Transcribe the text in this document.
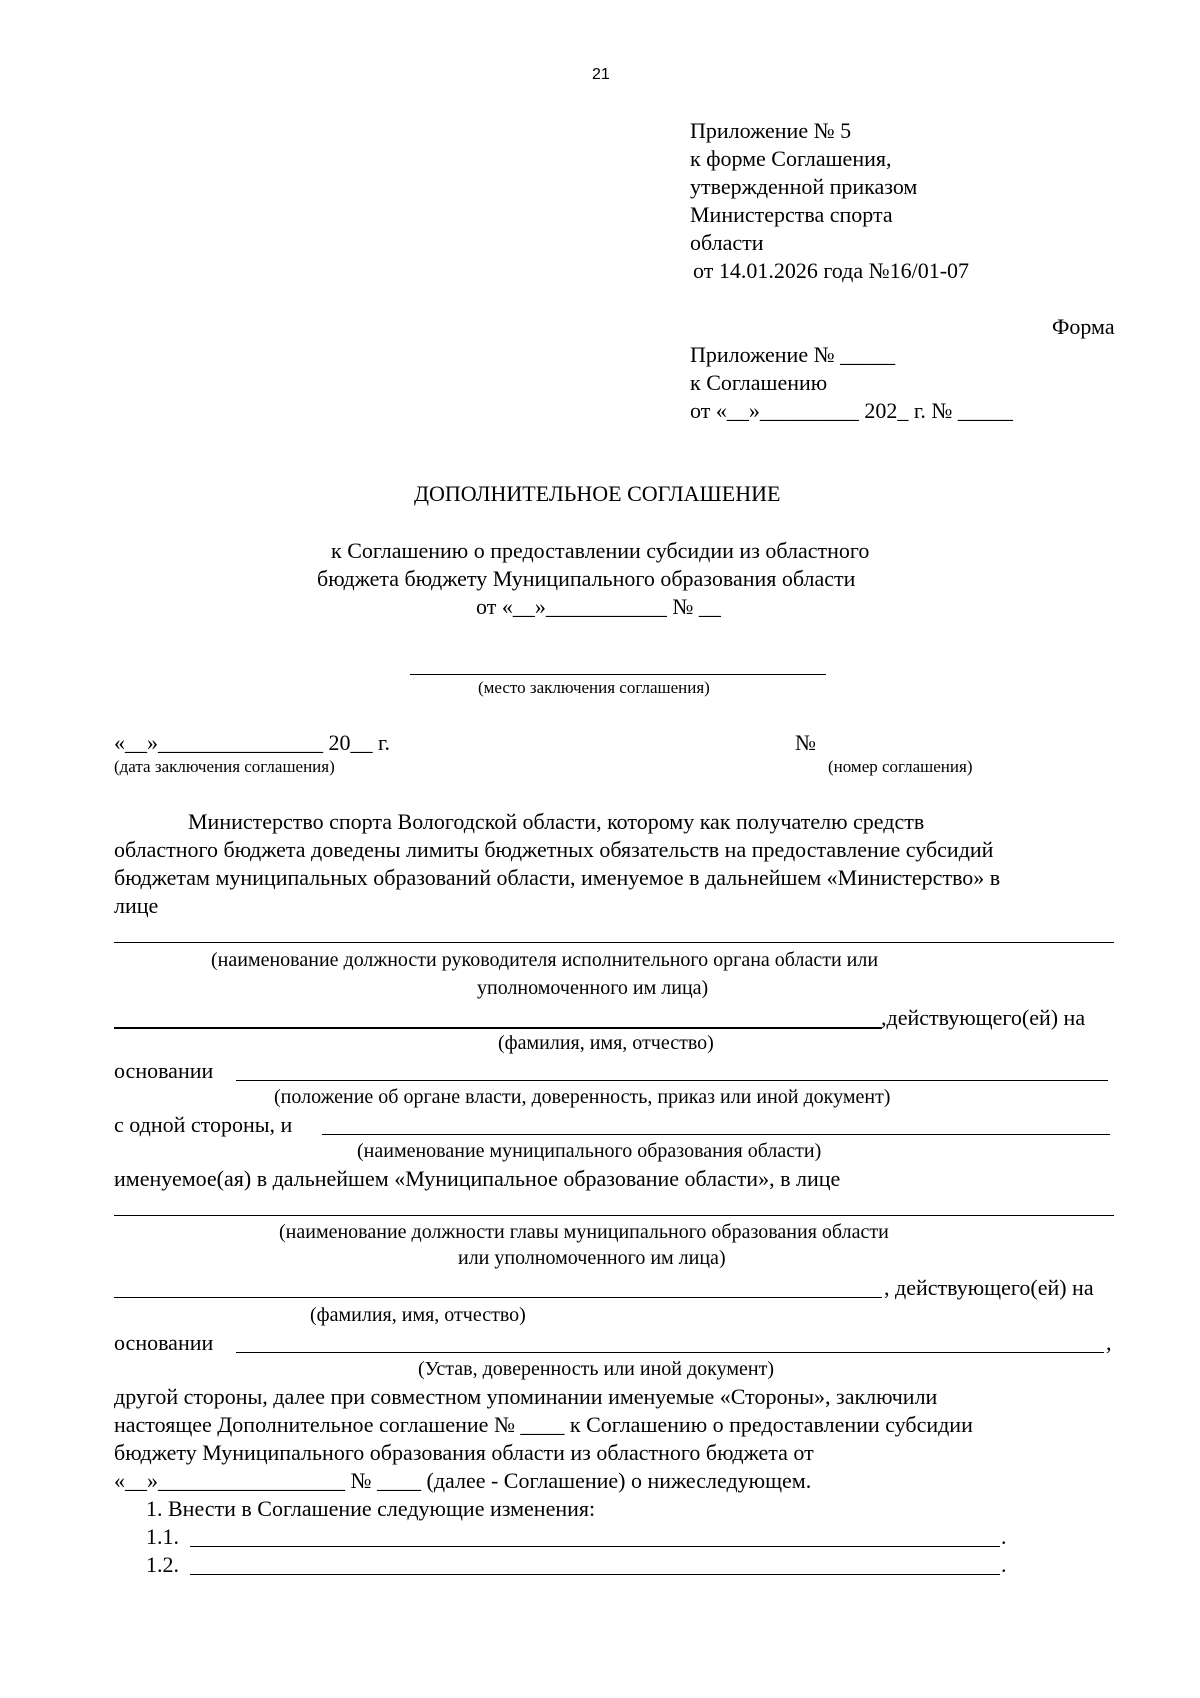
21
Приложение № 5
к форме Соглашения,
утвержденной приказом
Министерства спорта
области
от 14.01.2026 года №16/01-07
Форма
Приложение № _____
к Соглашению
от «__»_________ 202_ г. № _____
ДОПОЛНИТЕЛЬНОЕ СОГЛАШЕНИЕ
к Соглашению о предоставлении субсидии из областного
бюджета бюджету Муниципального образования области
от «__»___________ № __
(место заключения соглашения)
«__»_______________ 20__ г.	№
(дата заключения соглашения)	(номер соглашения)
Министерство спорта Вологодской области, которому как получателю средств
областного бюджета доведены лимиты бюджетных обязательств на предоставление субсидий
бюджетам муниципальных образований области, именуемое в дальнейшем «Министерство» в
лице
(наименование должности руководителя исполнительного органа области или
уполномоченного им лица)
,действующего(ей) на
(фамилия, имя, отчество)
основании
(положение об органе власти, доверенность, приказ или иной документ)
с одной стороны, и
(наименование муниципального образования области)
именуемое(ая) в дальнейшем «Муниципальное образование области», в лице
(наименование должности главы муниципального образования области
или уполномоченного им лица)
, действующего(ей) на
(фамилия, имя, отчество)
основании	,
(Устав, доверенность или иной документ)
другой стороны, далее при совместном упоминании именуемые «Стороны», заключили
настоящее Дополнительное соглашение № ____ к Соглашению о предоставлении субсидии
бюджету Муниципального образования области из областного бюджета от
«__»_________________ № ____ (далее - Соглашение) о нижеследующем.
1. Внести в Соглашение следующие изменения:
1.1.	.
1.2.	.
